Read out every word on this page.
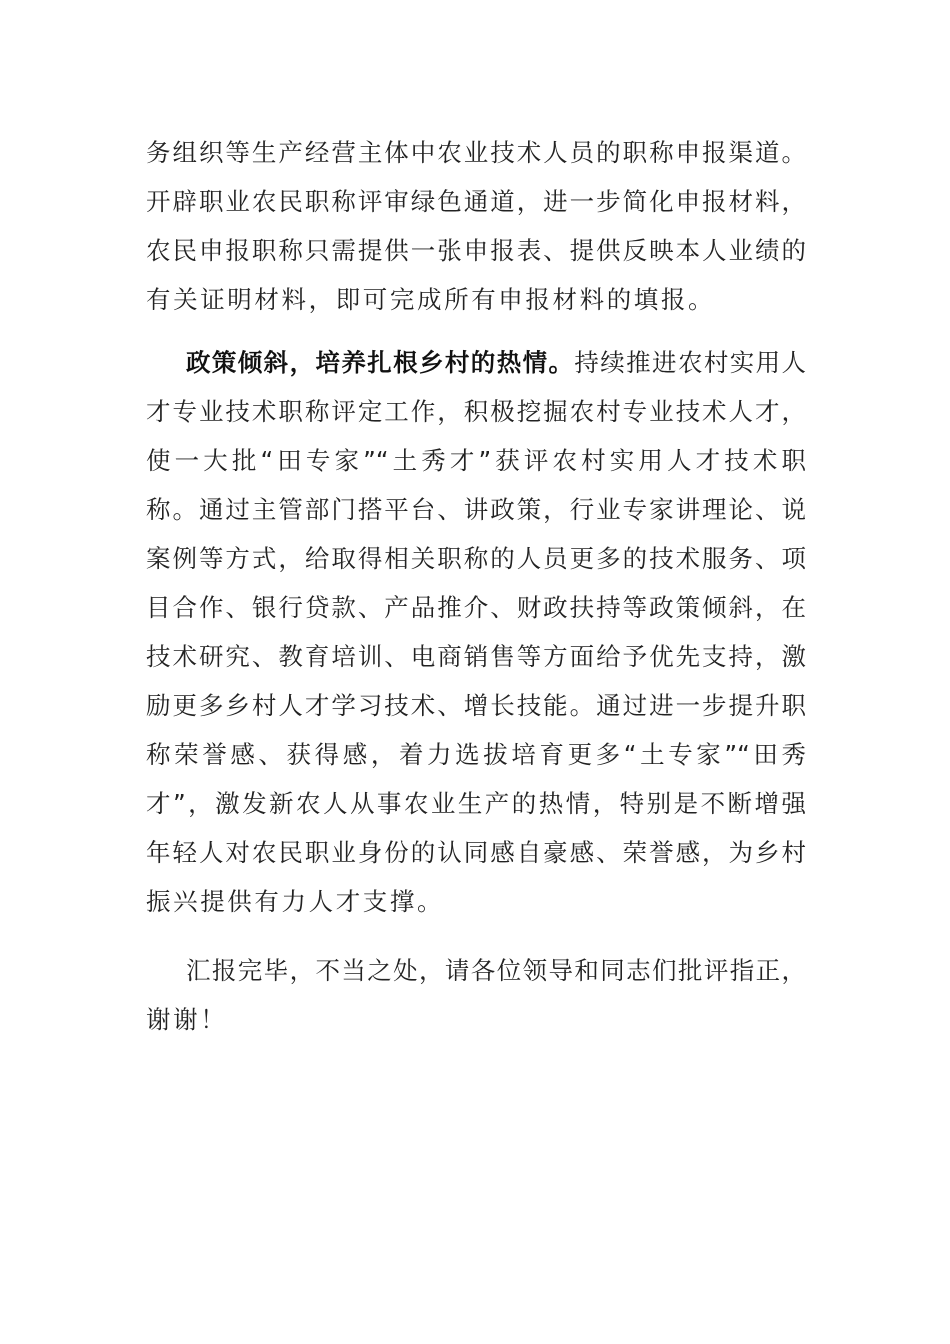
务组织等生产经营主体中农业技术人员的职称申报渠道。
开辟职业农民职称评审绿色通道，进一步简化申报材料，
农民申报职称只需提供一张申报表、提供反映本人业绩的
有关证明材料，即可完成所有申报材料的填报。
政策倾斜，培养扎根乡村的热情。持续推进农村实用人
才专业技术职称评定工作，积极挖掘农村专业技术人才，
使一大批“田专家”“土秀才”获评农村实用人才技术职
称。通过主管部门搭平台、讲政策，行业专家讲理论、说
案例等方式，给取得相关职称的人员更多的技术服务、项
目合作、银行贷款、产品推介、财政扶持等政策倾斜，在
技术研究、教育培训、电商销售等方面给予优先支持，激
励更多乡村人才学习技术、增长技能。通过进一步提升职
称荣誉感、获得感，着力选拔培育更多“土专家”“田秀
才”，激发新农人从事农业生产的热情，特别是不断增强
年轻人对农民职业身份的认同感自豪感、荣誉感，为乡村
振兴提供有力人才支撑。
汇报完毕，不当之处，请各位领导和同志们批评指正，
谢谢！
